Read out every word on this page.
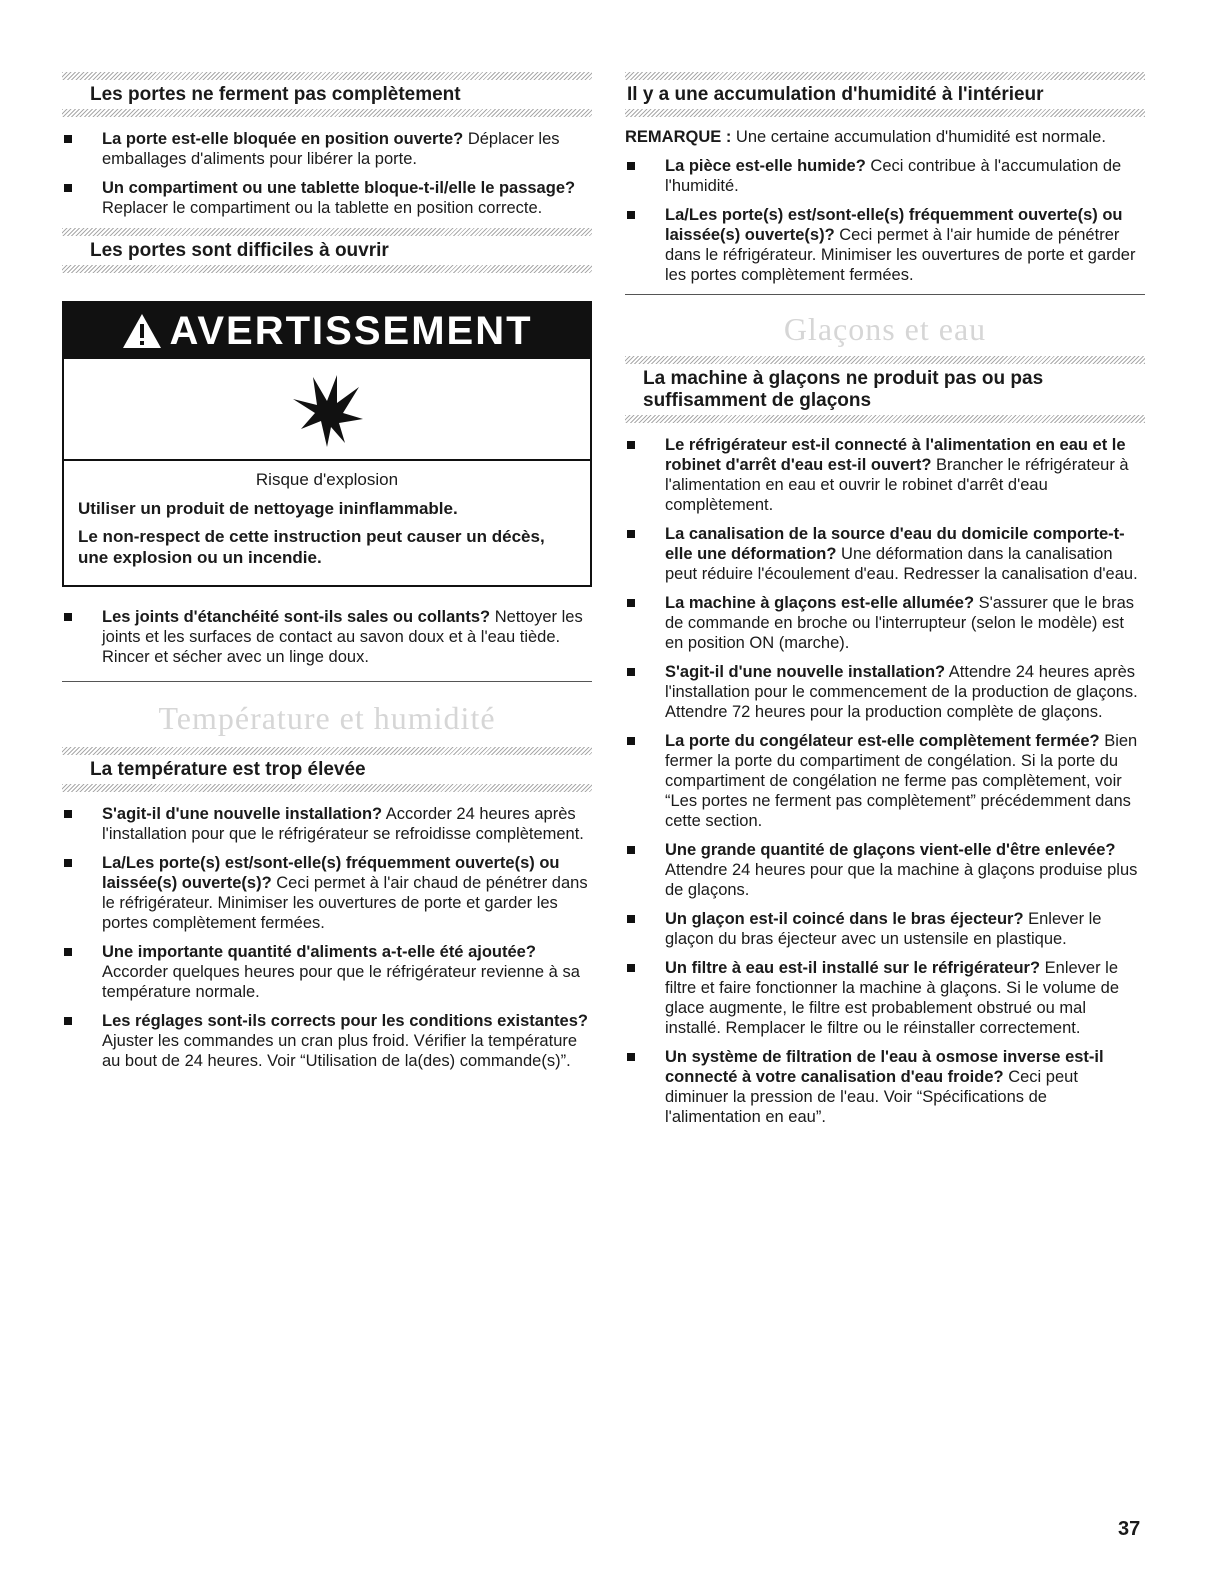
Les portes ne ferment pas complètement
La porte est-elle bloquée en position ouverte? Déplacer les emballages d'aliments pour libérer la porte.
Un compartiment ou une tablette bloque-t-il/elle le passage? Replacer le compartiment ou la tablette en position correcte.
Les portes sont difficiles à ouvrir
AVERTISSEMENT
Risque d'explosion

Utiliser un produit de nettoyage ininflammable.

Le non-respect de cette instruction peut causer un décès, une explosion ou un incendie.

Les joints d'étanchéité sont-ils sales ou collants? Nettoyer les joints et les surfaces de contact au savon doux et à l'eau tiède. Rincer et sécher avec un linge doux.
Température et humidité
La température est trop élevée
S'agit-il d'une nouvelle installation? Accorder 24 heures après l'installation pour que le réfrigérateur se refroidisse complètement.
La/Les porte(s) est/sont-elle(s) fréquemment ouverte(s) ou laissée(s) ouverte(s)? Ceci permet à l'air chaud de pénétrer dans le réfrigérateur. Minimiser les ouvertures de porte et garder les portes complètement fermées.
Une importante quantité d'aliments a-t-elle été ajoutée? Accorder quelques heures pour que le réfrigérateur revienne à sa température normale.
Les réglages sont-ils corrects pour les conditions existantes? Ajuster les commandes un cran plus froid. Vérifier la température au bout de 24 heures. Voir “Utilisation de la(des) commande(s)”.
Il y a une accumulation d'humidité à l'intérieur
REMARQUE : Une certaine accumulation d'humidité est normale.
La pièce est-elle humide? Ceci contribue à l'accumulation de l'humidité.
La/Les porte(s) est/sont-elle(s) fréquemment ouverte(s) ou laissée(s) ouverte(s)? Ceci permet à l'air humide de pénétrer dans le réfrigérateur. Minimiser les ouvertures de porte et garder les portes complètement fermées.
Glaçons et eau
La machine à glaçons ne produit pas ou pas suffisamment de glaçons
Le réfrigérateur est-il connecté à l'alimentation en eau et le robinet d'arrêt d'eau est-il ouvert? Brancher le réfrigérateur à l'alimentation en eau et ouvrir le robinet d'arrêt d'eau complètement.
La canalisation de la source d'eau du domicile comporte-t-elle une déformation? Une déformation dans la canalisation peut réduire l'écoulement d'eau. Redresser la canalisation d'eau.
La machine à glaçons est-elle allumée? S'assurer que le bras de commande en broche ou l'interrupteur (selon le modèle) est en position ON (marche).
S'agit-il d'une nouvelle installation? Attendre 24 heures après l'installation pour le commencement de la production de glaçons. Attendre 72 heures pour la production complète de glaçons.
La porte du congélateur est-elle complètement fermée? Bien fermer la porte du compartiment de congélation. Si la porte du compartiment de congélation ne ferme pas complètement, voir “Les portes ne ferment pas complètement” précédemment dans cette section.
Une grande quantité de glaçons vient-elle d'être enlevée? Attendre 24 heures pour que la machine à glaçons produise plus de glaçons.
Un glaçon est-il coincé dans le bras éjecteur? Enlever le glaçon du bras éjecteur avec un ustensile en plastique.
Un filtre à eau est-il installé sur le réfrigérateur? Enlever le filtre et faire fonctionner la machine à glaçons. Si le volume de glace augmente, le filtre est probablement obstrué ou mal installé. Remplacer le filtre ou le réinstaller correctement.
Un système de filtration de l'eau à osmose inverse est-il connecté à votre canalisation d'eau froide? Ceci peut diminuer la pression de l'eau. Voir “Spécifications de l'alimentation en eau”.
37
